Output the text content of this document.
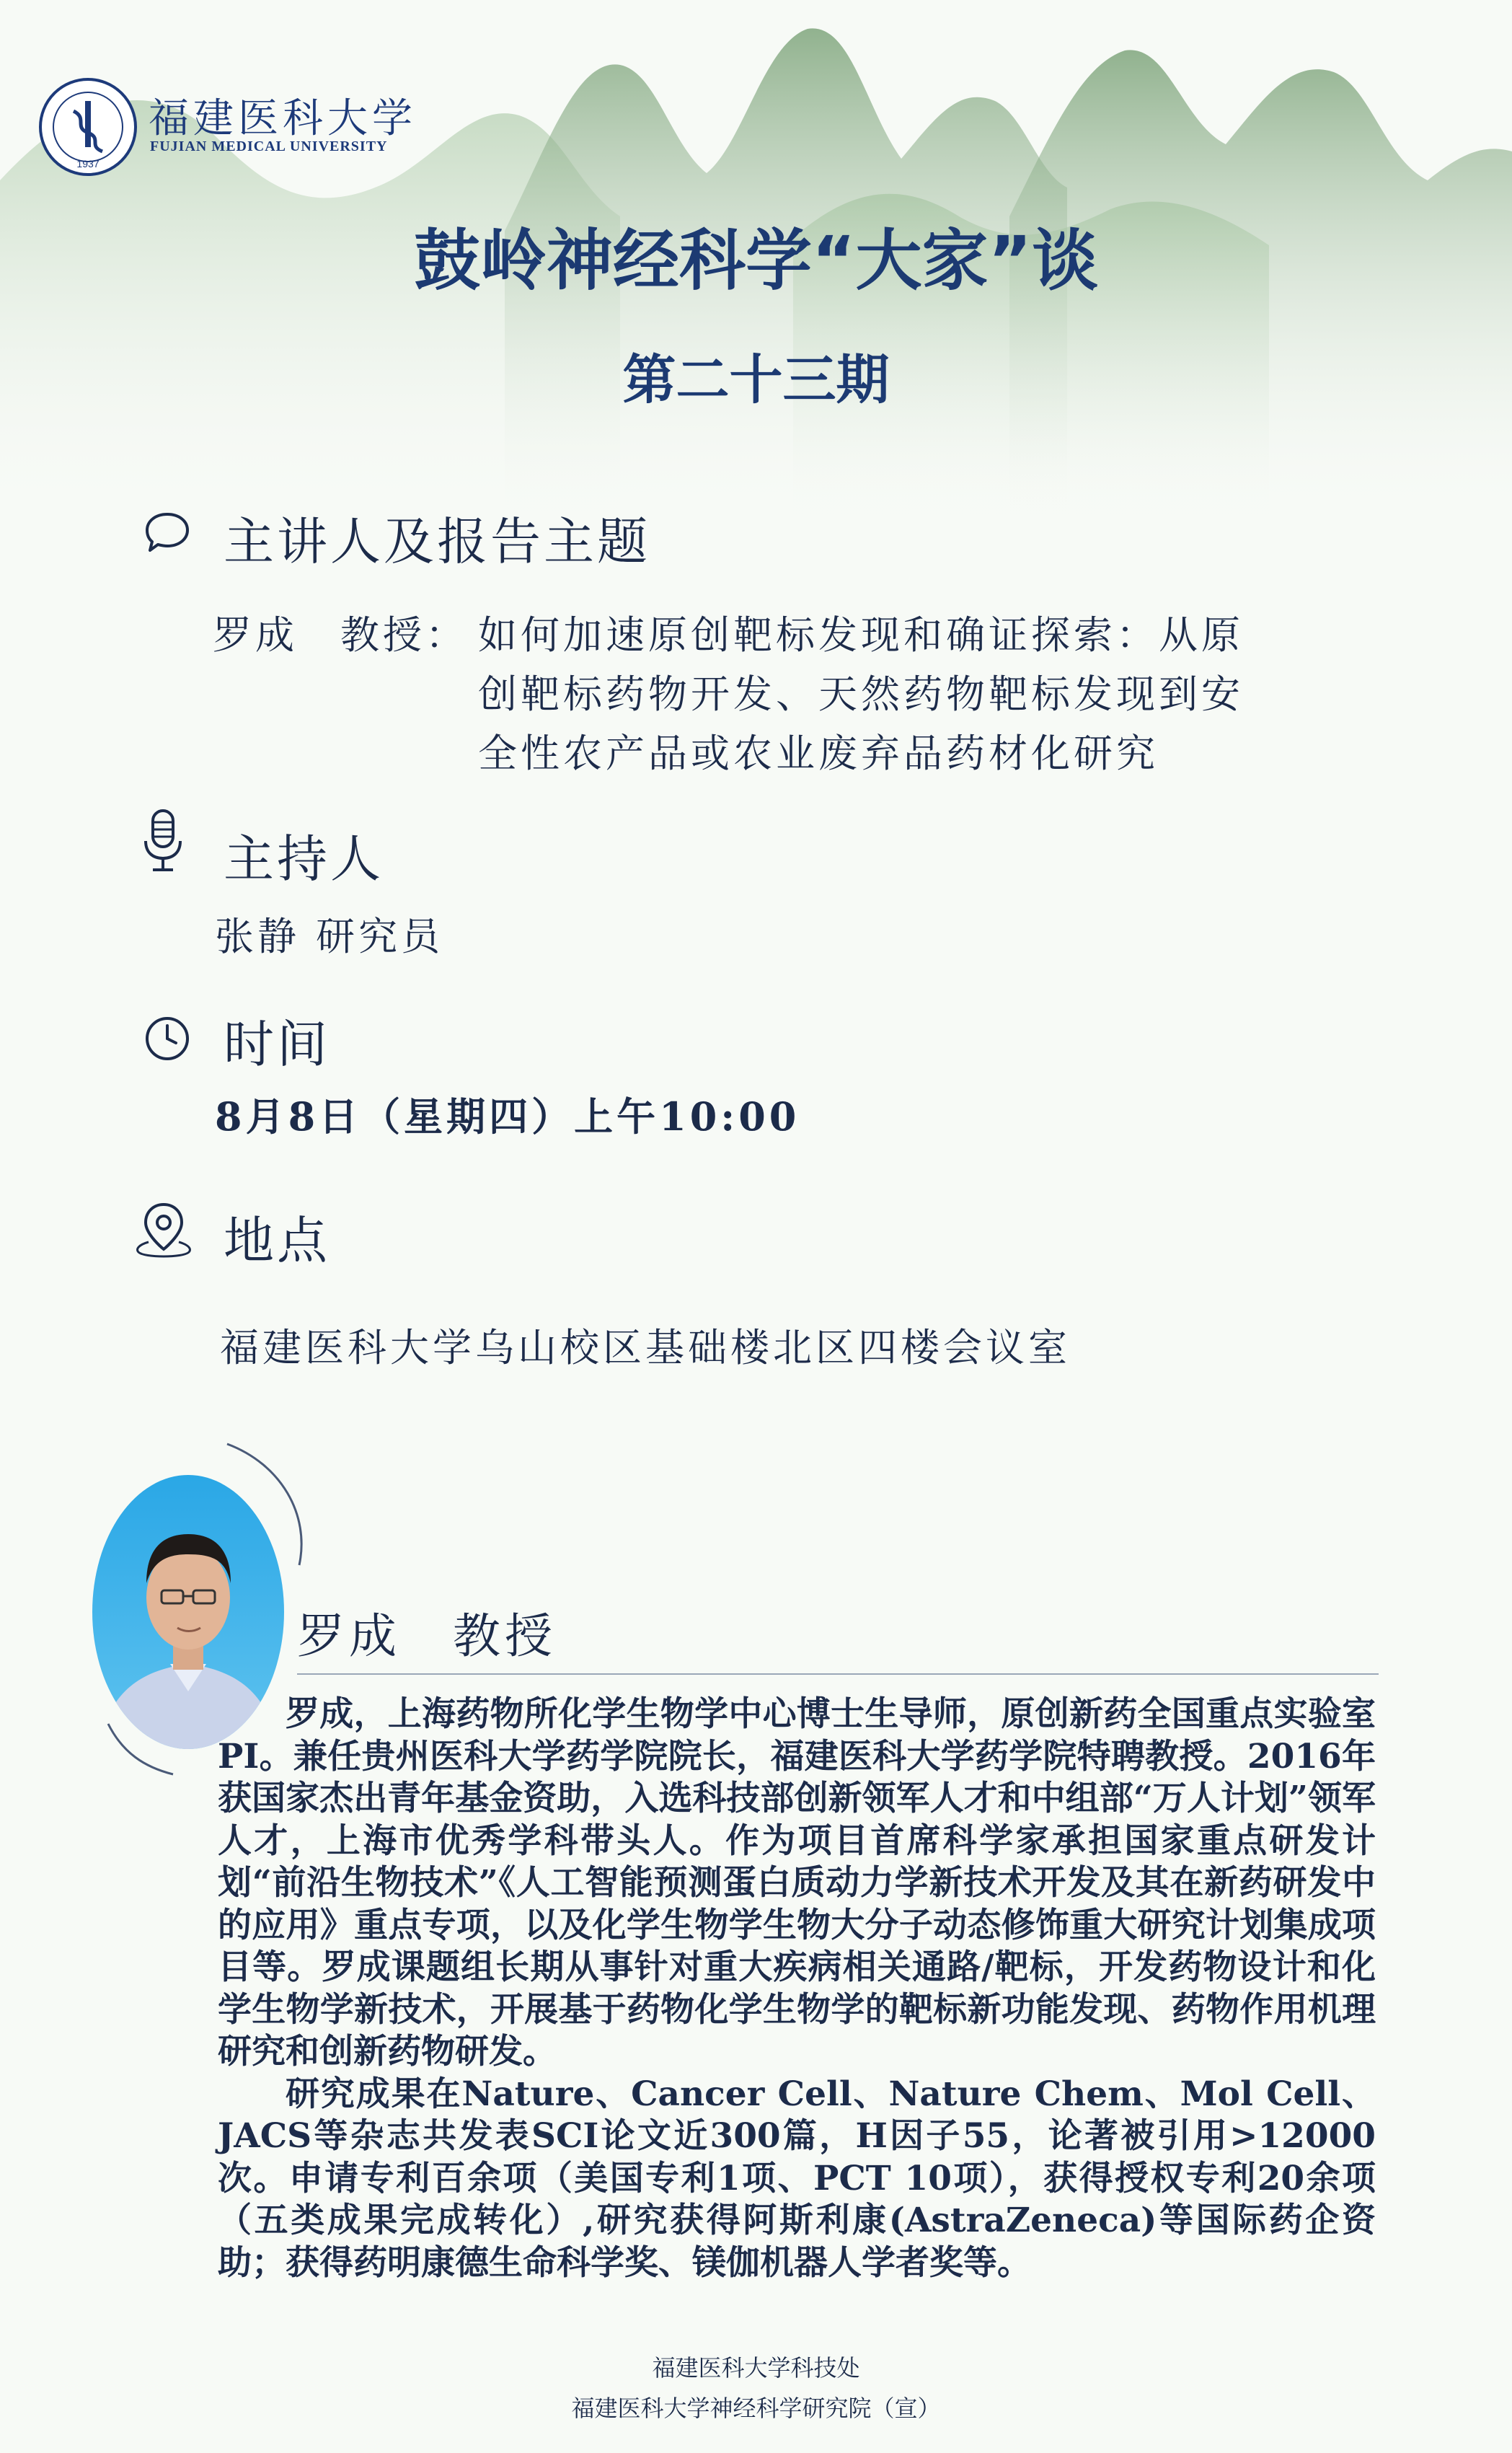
1937
福建医科大学
FUJIAN MEDICAL UNIVERSITY
鼓岭神经科学“大家”谈
第二十三期
主讲人及报告主题
罗成　教授： 如何加速原创靶标发现和确证探索：从原
创靶标药物开发、天然药物靶标发现到安
全性农产品或农业废弃品药材化研究
主持人
张静 研究员
时间
8月8日（星期四）上午10:00
地点
福建医科大学乌山校区基础楼北区四楼会议室
罗成　教授

罗成，上海药物所化学生物学中心博士生导师，原创新药全国重点实验室 PI。兼任贵州医科大学药学院院长，福建医科大学药学院特聘教授。2016年获国家杰出青年基金资助，入选科技部创新领军人才和中组部“万人计划”领军人才，上海市优秀学科带头人。作为项目首席科学家承担国家重点研发计划“前沿生物技术”《人工智能预测蛋白质动力学新技术开发及其在新药研发中的应用》重点专项，以及化学生物学生物大分子动态修饰重大研究计划集成项目等。罗成课题组长期从事针对重大疾病相关通路/靶标，开发药物设计和化学生物学新技术，开展基于药物化学生物学的靶标新功能发现、药物作用机理研究和创新药物研发。

研究成果在Nature、Cancer Cell、Nature Chem、Mol Cell、JACS等杂志共发表SCI论文近300篇，H因子55，论著被引用>12000次。申请专利百余项（美国专利1项、PCT 10项），获得授权专利20余项（五类成果完成转化）,研究获得阿斯利康(AstraZeneca)等国际药企资助；获得药明康德生命科学奖、镁伽机器人学者奖等。

福建医科大学科技处
福建医科大学神经科学研究院（宣）
